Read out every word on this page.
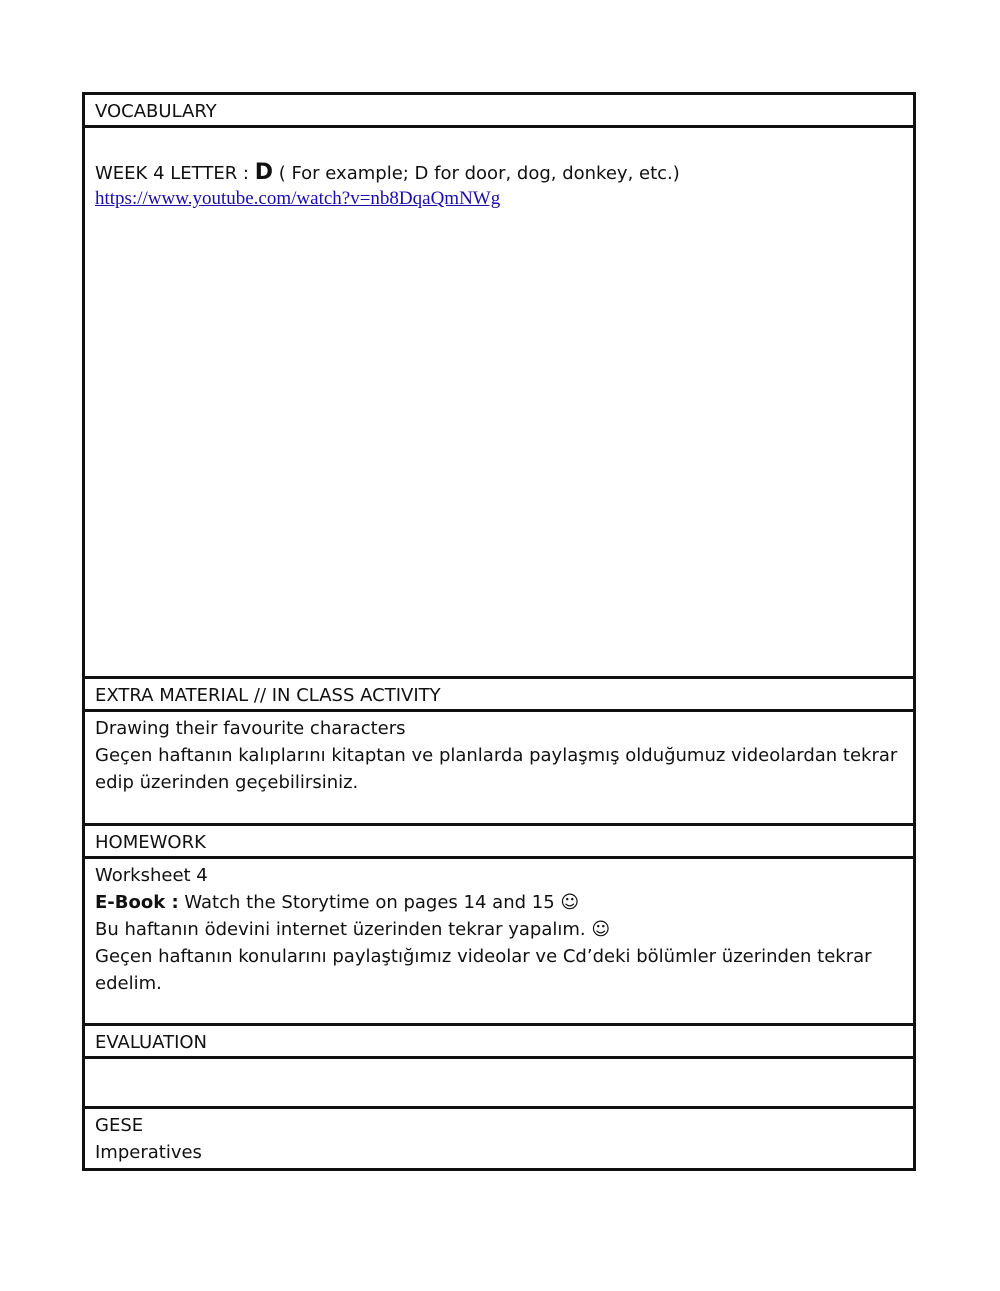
VOCABULARY
WEEK 4 LETTER : D ( For example; D for door, dog, donkey, etc.)
https://www.youtube.com/watch?v=nb8DqaQmNWg
EXTRA MATERIAL // IN CLASS ACTIVITY
Drawing their favourite characters
Geçen haftanın kalıplarını kitaptan ve planlarda paylaşmış olduğumuz videolardan tekrar edip üzerinden geçebilirsiniz.
HOMEWORK
Worksheet 4
E-Book : Watch the Storytime on pages 14 and 15 ☺
Bu haftanın ödevini internet üzerinden tekrar yapalım. ☺
Geçen haftanın konularını paylaştığımız videolar ve Cd’deki bölümler üzerinden tekrar edelim.
EVALUATION
GESE
Imperatives
